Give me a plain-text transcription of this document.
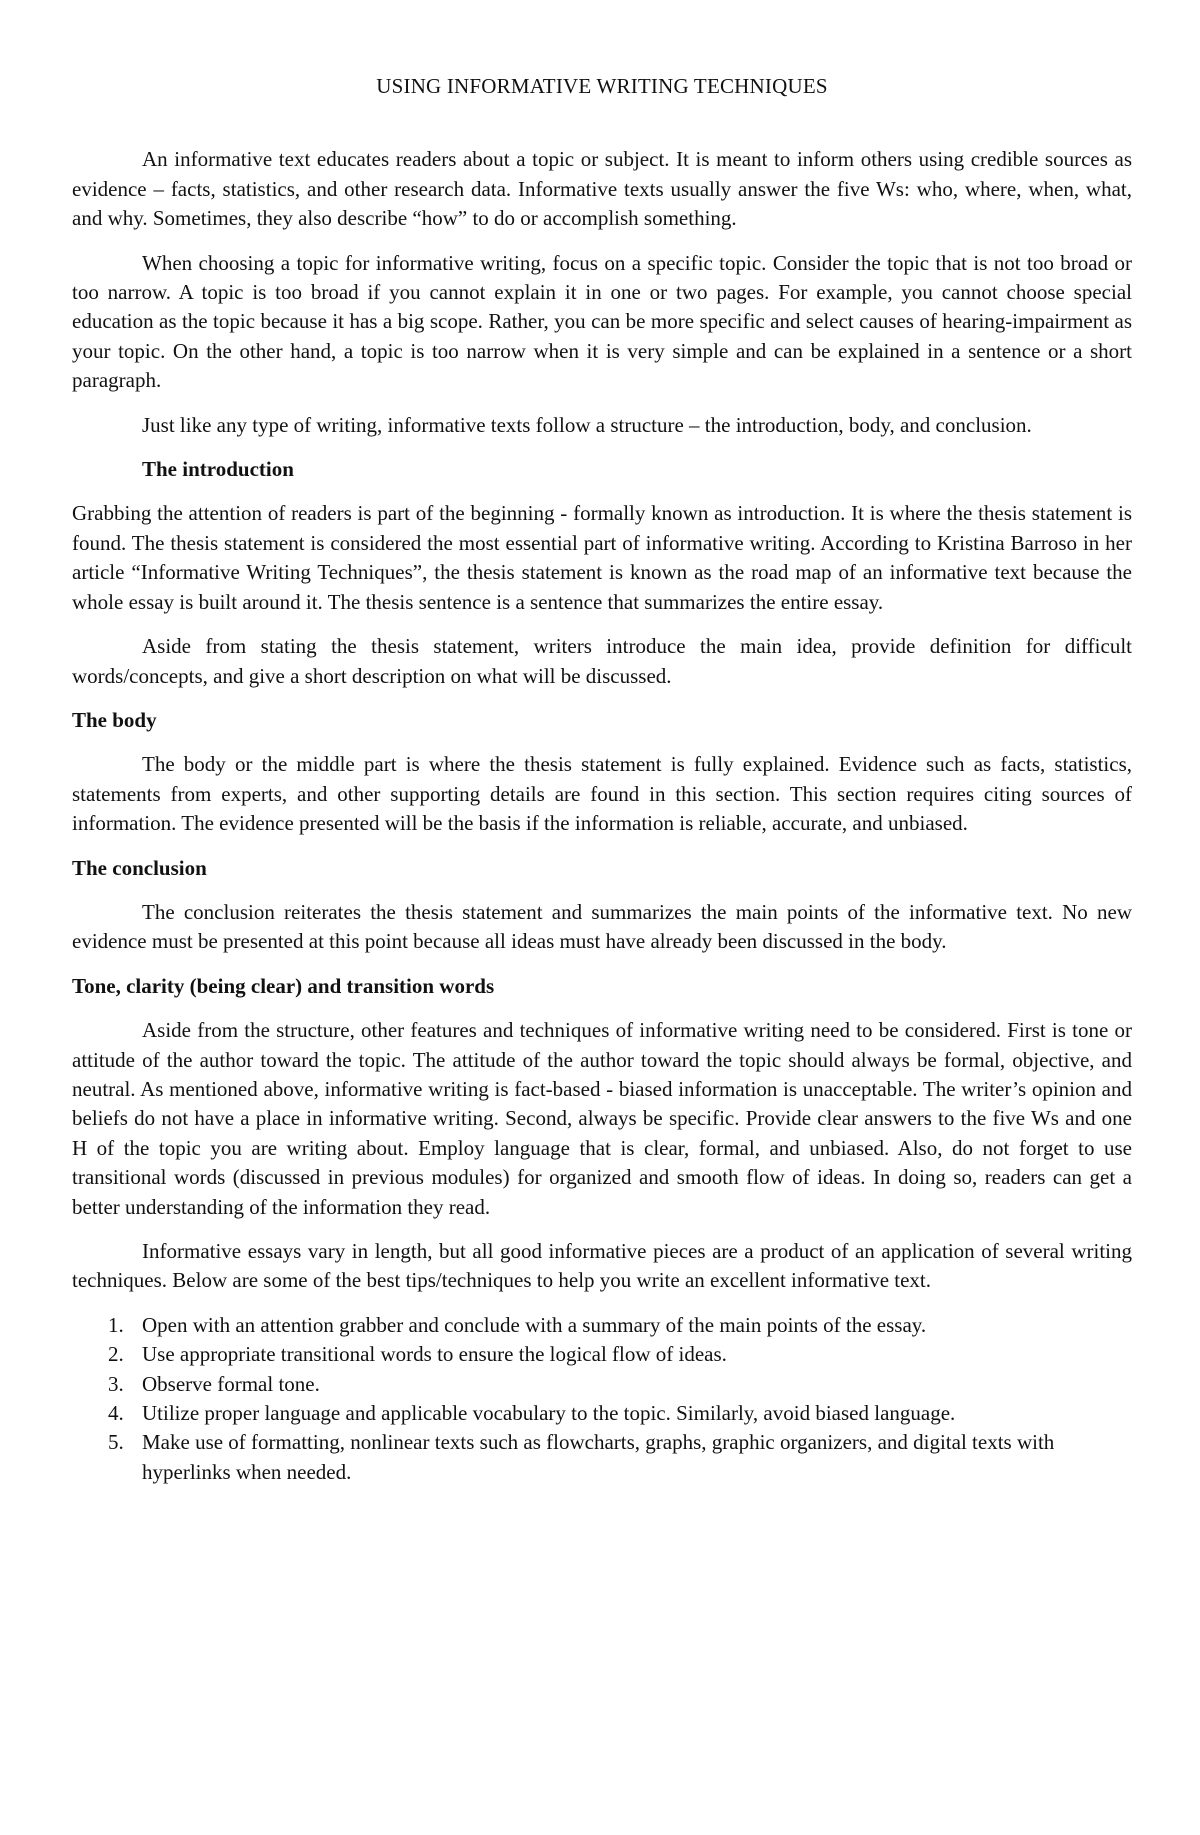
USING INFORMATIVE WRITING TECHNIQUES

An informative text educates readers about a topic or subject. It is meant to inform others using credible sources as evidence – facts, statistics, and other research data. Informative texts usually answer the five Ws: who, where, when, what, and why. Sometimes, they also describe “how” to do or accomplish something.

When choosing a topic for informative writing, focus on a specific topic. Consider the topic that is not too broad or too narrow. A topic is too broad if you cannot explain it in one or two pages. For example, you cannot choose special education as the topic because it has a big scope. Rather, you can be more specific and select causes of hearing-impairment as your topic. On the other hand, a topic is too narrow when it is very simple and can be explained in a sentence or a short paragraph.

Just like any type of writing, informative texts follow a structure – the introduction, body, and conclusion.

The introduction

Grabbing the attention of readers is part of the beginning - formally known as introduction. It is where the thesis statement is found. The thesis statement is considered the most essential part of informative writing. According to Kristina Barroso in her article “Informative Writing Techniques”, the thesis statement is known as the road map of an informative text because the whole essay is built around it. The thesis sentence is a sentence that summarizes the entire essay.

Aside from stating the thesis statement, writers introduce the main idea, provide definition for difficult words/concepts, and give a short description on what will be discussed.

The body

The body or the middle part is where the thesis statement is fully explained. Evidence such as facts, statistics, statements from experts, and other supporting details are found in this section. This section requires citing sources of information. The evidence presented will be the basis if the information is reliable, accurate, and unbiased.

The conclusion

The conclusion reiterates the thesis statement and summarizes the main points of the informative text. No new evidence must be presented at this point because all ideas must have already been discussed in the body.

Tone, clarity (being clear) and transition words

Aside from the structure, other features and techniques of informative writing need to be considered. First is tone or attitude of the author toward the topic. The attitude of the author toward the topic should always be formal, objective, and neutral. As mentioned above, informative writing is fact-based - biased information is unacceptable. The writer’s opinion and beliefs do not have a place in informative writing. Second, always be specific. Provide clear answers to the five Ws and one H of the topic you are writing about. Employ language that is clear, formal, and unbiased. Also, do not forget to use transitional words (discussed in previous modules) for organized and smooth flow of ideas. In doing so, readers can get a better understanding of the information they read.

Informative essays vary in length, but all good informative pieces are a product of an application of several writing techniques. Below are some of the best tips/techniques to help you write an excellent informative text.

1. Open with an attention grabber and conclude with a summary of the main points of the essay.
2. Use appropriate transitional words to ensure the logical flow of ideas.
3. Observe formal tone.
4. Utilize proper language and applicable vocabulary to the topic. Similarly, avoid biased language.
5. Make use of formatting, nonlinear texts such as flowcharts, graphs, graphic organizers, and digital texts with hyperlinks when needed.
